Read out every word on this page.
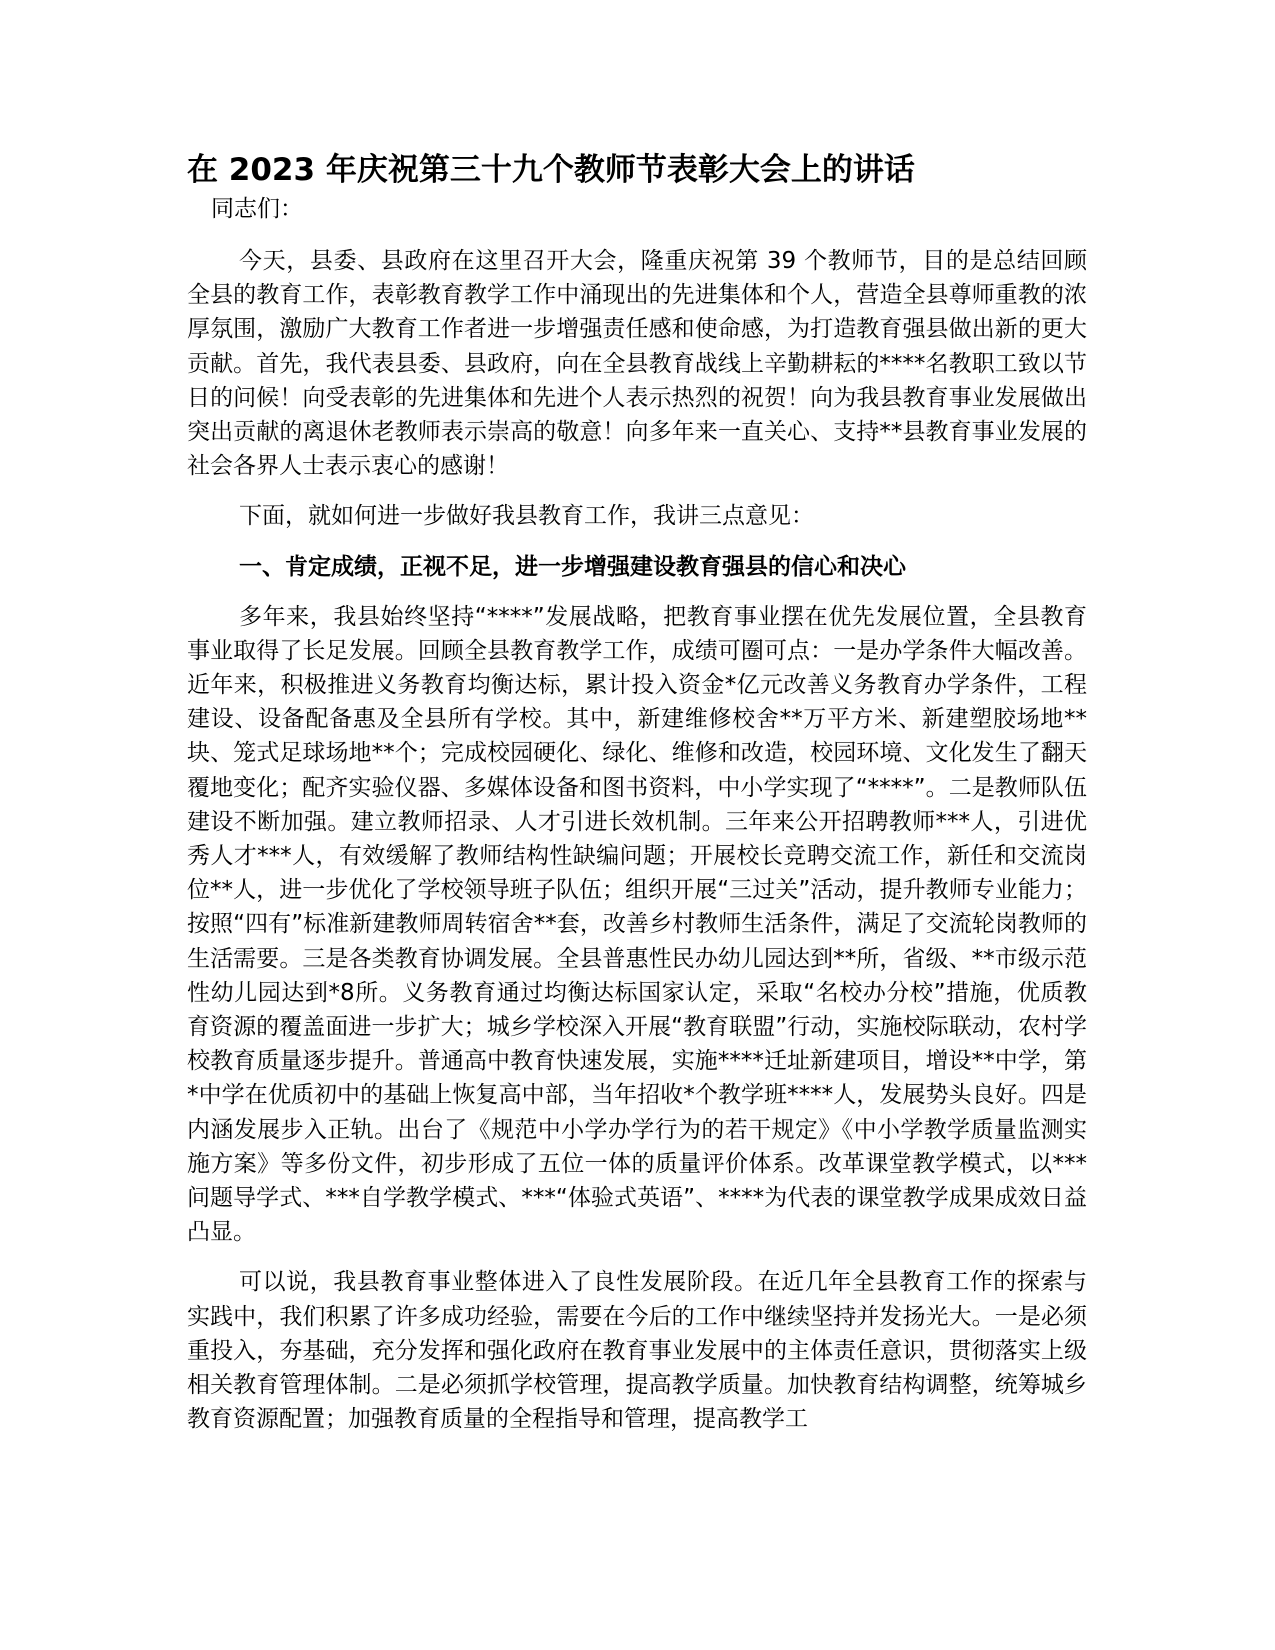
在 2023 年庆祝第三十九个教师节表彰大会上的讲话

同志们：

今天，县委、县政府在这里召开大会，隆重庆祝第 39 个教师节，目的是总结回顾全县的教育工作，表彰教育教学工作中涌现出的先进集体和个人，营造全县尊师重教的浓厚氛围，激励广大教育工作者进一步增强责任感和使命感，为打造教育强县做出新的更大贡献。首先，我代表县委、县政府，向在全县教育战线上辛勤耕耘的****名教职工致以节日的问候！向受表彰的先进集体和先进个人表示热烈的祝贺！向为我县教育事业发展做出突出贡献的离退休老教师表示崇高的敬意！向多年来一直关心、支持**县教育事业发展的社会各界人士表示衷心的感谢！

下面，就如何进一步做好我县教育工作，我讲三点意见：

一、肯定成绩，正视不足，进一步增强建设教育强县的信心和决心

多年来，我县始终坚持“****”发展战略，把教育事业摆在优先发展位置，全县教育事业取得了长足发展。回顾全县教育教学工作，成绩可圈可点：一是办学条件大幅改善。近年来，积极推进义务教育均衡达标，累计投入资金*亿元改善义务教育办学条件，工程建设、设备配备惠及全县所有学校。其中，新建维修校舍**万平方米、新建塑胶场地**块、笼式足球场地**个；完成校园硬化、绿化、维修和改造，校园环境、文化发生了翻天覆地变化；配齐实验仪器、多媒体设备和图书资料，中小学实现了“****”。二是教师队伍建设不断加强。建立教师招录、人才引进长效机制。三年来公开招聘教师***人，引进优秀人才***人，有效缓解了教师结构性缺编问题；开展校长竞聘交流工作，新任和交流岗位**人，进一步优化了学校领导班子队伍；组织开展“三过关”活动，提升教师专业能力；按照“四有”标准新建教师周转宿舍**套，改善乡村教师生活条件，满足了交流轮岗教师的生活需要。三是各类教育协调发展。全县普惠性民办幼儿园达到**所，省级、**市级示范性幼儿园达到*8所。义务教育通过均衡达标国家认定，采取“名校办分校”措施，优质教育资源的覆盖面进一步扩大；城乡学校深入开展“教育联盟”行动，实施校际联动，农村学校教育质量逐步提升。普通高中教育快速发展，实施****迁址新建项目，增设**中学，第*中学在优质初中的基础上恢复高中部，当年招收*个教学班****人，发展势头良好。四是内涵发展步入正轨。出台了《规范中小学办学行为的若干规定》《中小学教学质量监测实施方案》等多份文件，初步形成了五位一体的质量评价体系。改革课堂教学模式，以***问题导学式、***自学教学模式、***“体验式英语”、****为代表的课堂教学成果成效日益凸显。

可以说，我县教育事业整体进入了良性发展阶段。在近几年全县教育工作的探索与实践中，我们积累了许多成功经验，需要在今后的工作中继续坚持并发扬光大。一是必须重投入，夯基础，充分发挥和强化政府在教育事业发展中的主体责任意识，贯彻落实上级相关教育管理体制。二是必须抓学校管理，提高教学质量。加快教育结构调整，统筹城乡教育资源配置；加强教育质量的全程指导和管理，提高教学工
